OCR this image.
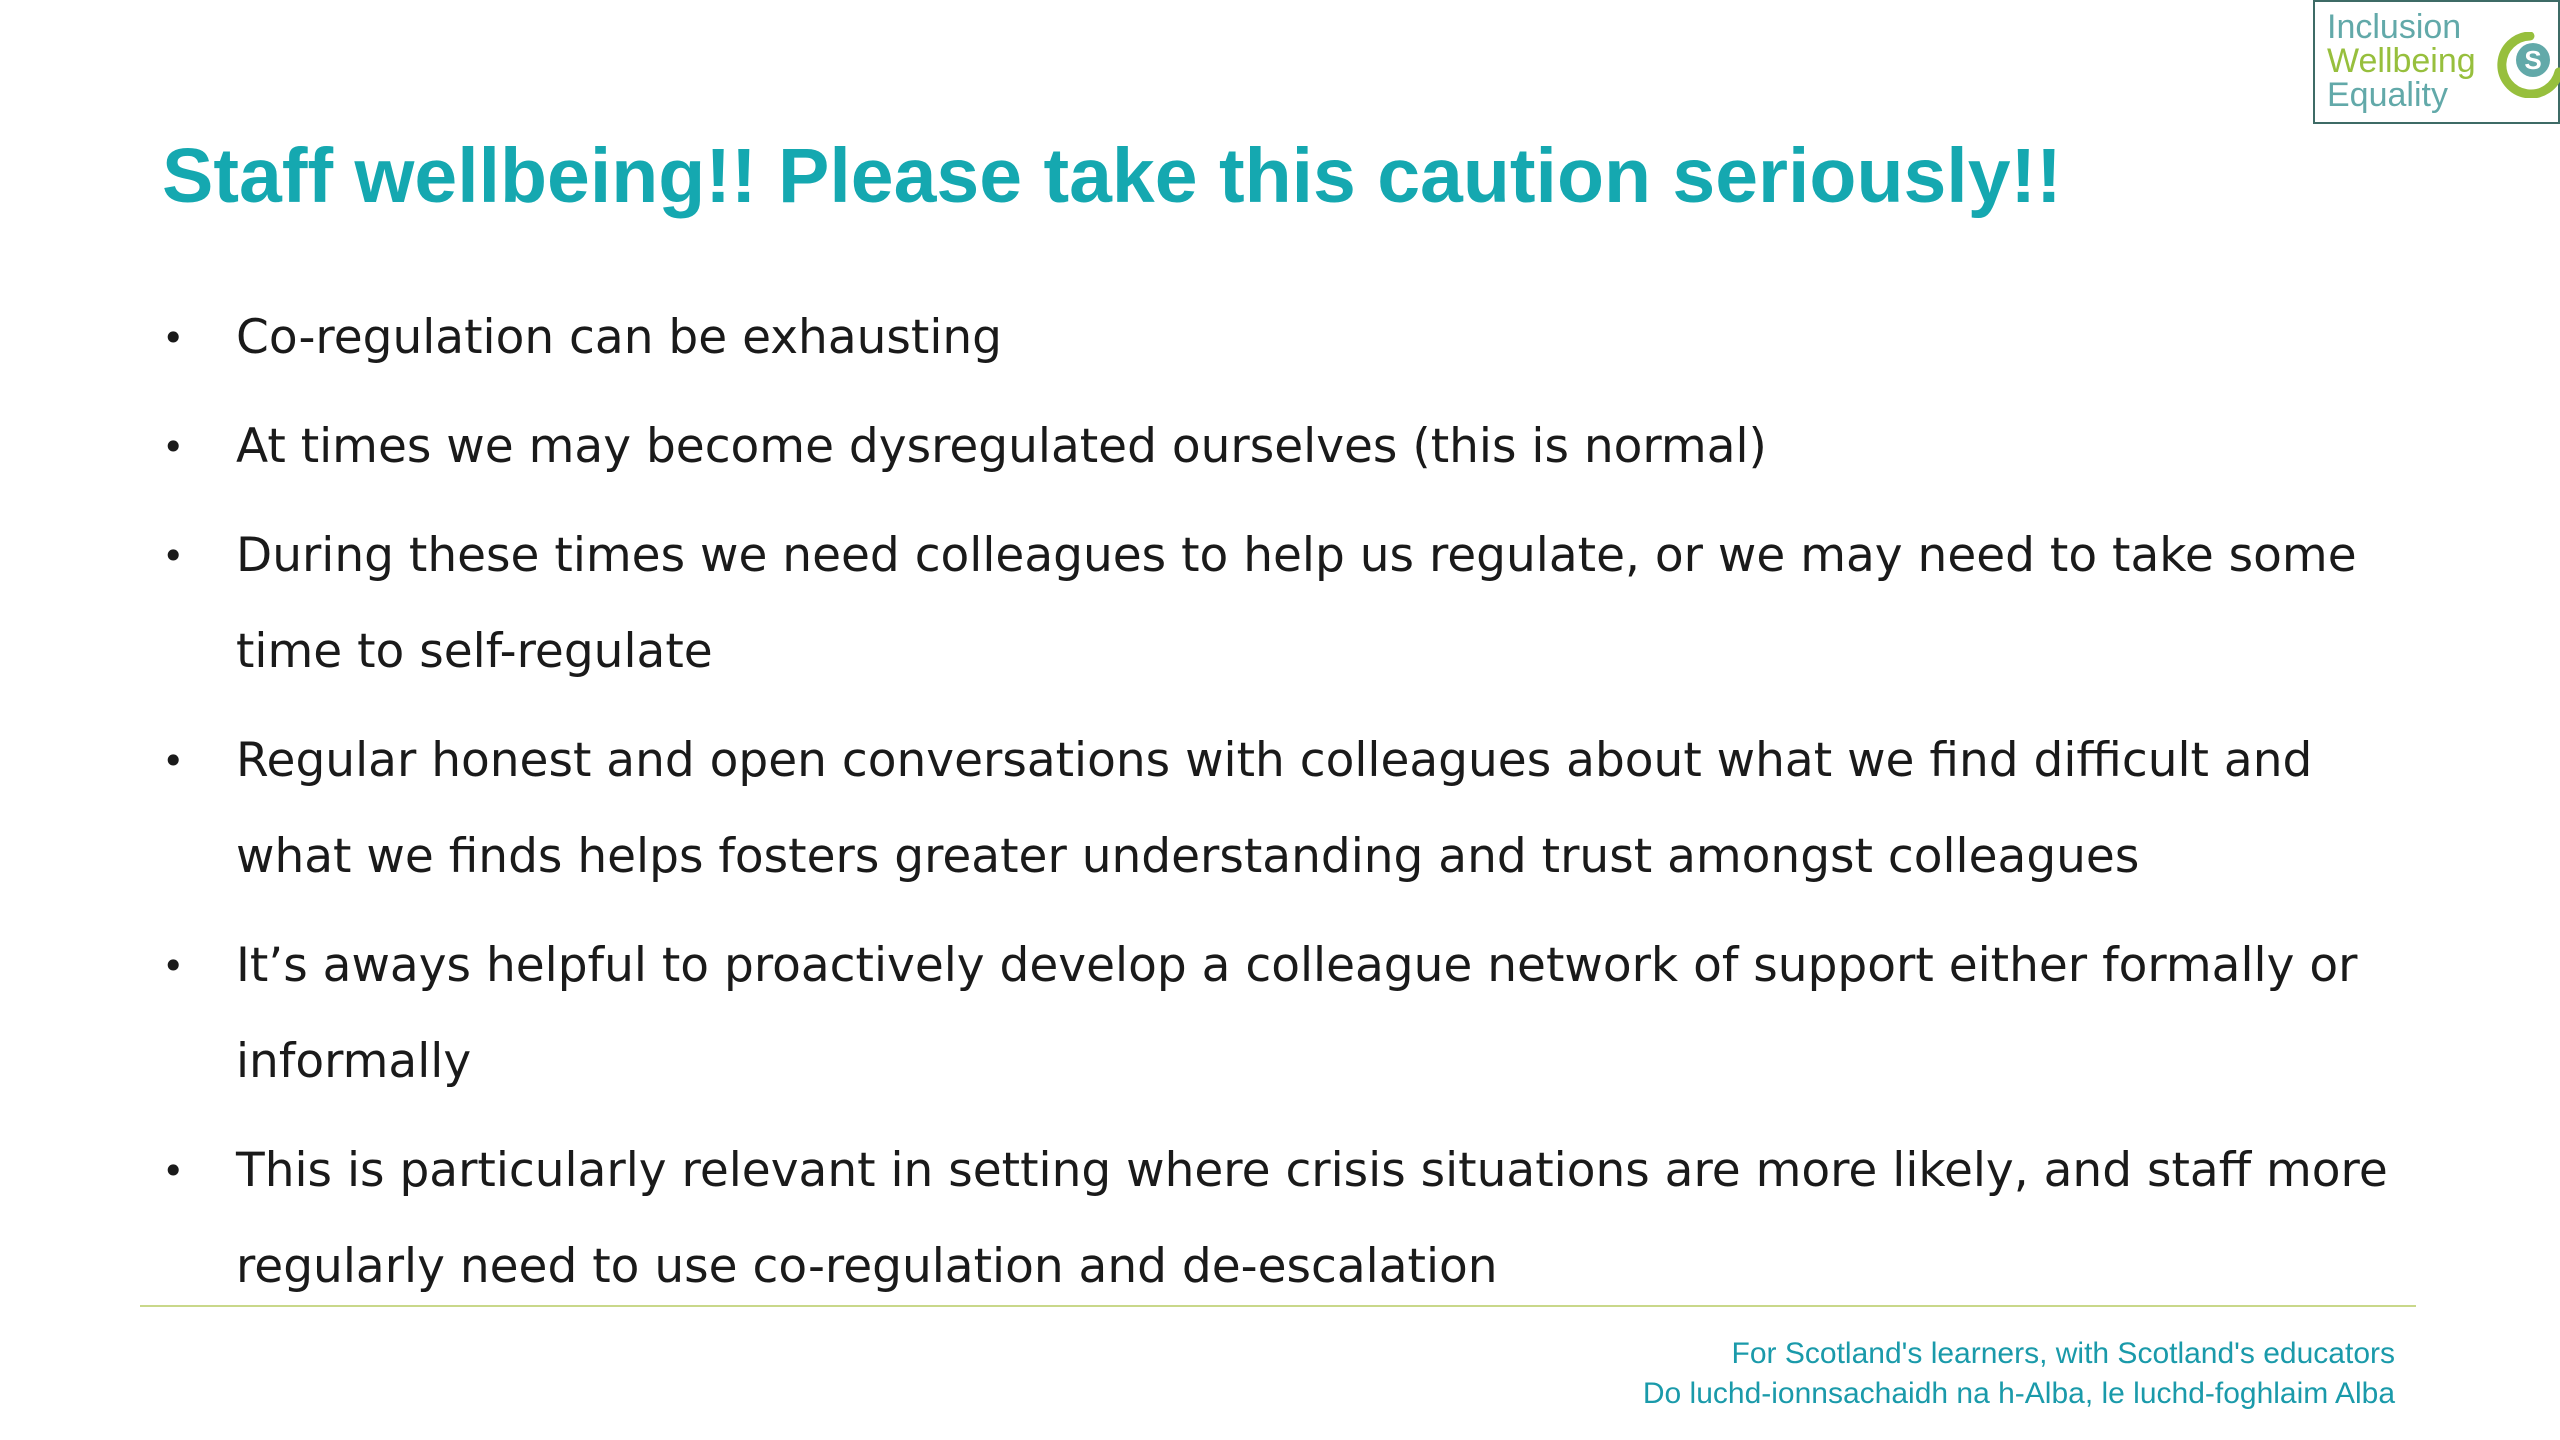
Inclusion
Wellbeing
Equality
S
Staff wellbeing!! Please take this caution seriously!!
• Co-regulation can be exhausting
• At times we may become dysregulated ourselves (this is normal)
• During these times we need colleagues to help us regulate, or we may need to take some time to self-regulate
• Regular honest and open conversations with colleagues about what we find difficult and what we finds helps fosters greater understanding and trust amongst colleagues
• It’s aways helpful to proactively develop a colleague network of support either formally or informally
• This is particularly relevant in setting where crisis situations are more likely, and staff more regularly need to use co-regulation and de-escalation
For Scotland's learners, with Scotland's educators
Do luchd-ionnsachaidh na h-Alba, le luchd-foghlaim Alba
